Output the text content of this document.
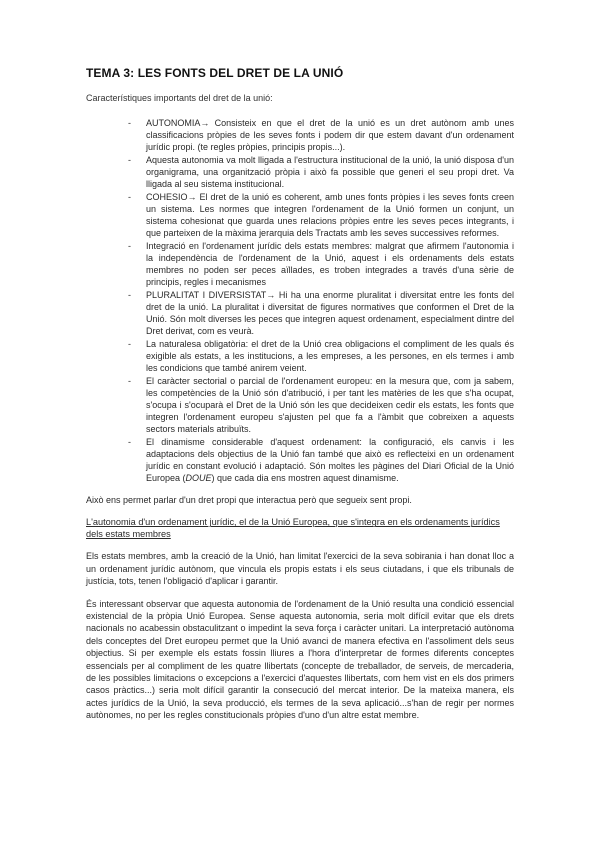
TEMA 3: LES FONTS DEL DRET DE LA UNIÓ

Característiques importants del dret de la unió:

- AUTONOMIA→ Consisteix en que el dret de la unió es un dret autònom amb unes classificacions pròpies de les seves fonts i podem dir que estem davant d'un ordenament jurídic propi. (te regles pròpies, principis propis...).
- Aquesta autonomia va molt lligada a l'estructura institucional de la unió, la unió disposa d'un organigrama, una organització pròpia i això fa possible que generi el seu propi dret. Va lligada al seu sistema institucional.
- COHESIO→ El dret de la unió es coherent, amb unes fonts pròpies i les seves fonts creen un sistema. Les normes que integren l'ordenament de la Unió formen un conjunt, un sistema cohesionat que guarda unes relacions pròpies entre les seves peces integrants, i que parteixen de la màxima jerarquia dels Tractats amb les seves successives reformes.
- Integració en l'ordenament jurídic dels estats membres: malgrat que afirmem l'autonomia i la independència de l'ordenament de la Unió, aquest i els ordenaments dels estats membres no poden ser peces aïllades, es troben integrades a través d'una sèrie de principis, regles i mecanismes
- PLURALITAT I DIVERSISTAT→ Hi ha una enorme pluralitat i diversitat entre les fonts del dret de la unió. La pluralitat i diversitat de figures normatives que conformen el Dret de la Unió. Són molt diverses les peces que integren aquest ordenament, especialment dintre del Dret derivat, com es veurà.
- La naturalesa obligatòria: el dret de la Unió crea obligacions el compliment de les quals és exigible als estats, a les institucions, a les empreses, a les persones, en els termes i amb les condicions que també anirem veient.
- El caràcter sectorial o parcial de l'ordenament europeu: en la mesura que, com ja sabem, les competències de la Unió són d'atribució, i per tant les matèries de les que s'ha ocupat, s'ocupa i s'ocuparà el Dret de la Unió són les que decideixen cedir els estats, les fonts que integren l'ordenament europeu s'ajusten pel que fa a l'àmbit que cobreixen a aquests sectors materials atribuïts.
- El dinamisme considerable d'aquest ordenament: la configuració, els canvis i les adaptacions dels objectius de la Unió fan també que això es reflecteixi en un ordenament jurídic en constant evolució i adaptació. Són moltes les pàgines del Diari Oficial de la Unió Europea (DOUE) que cada dia ens mostren aquest dinamisme.

Això ens permet parlar d'un dret propi que interactua però que segueix sent propi.

L'autonomia d'un ordenament jurídic, el de la Unió Europea, que s'integra en els ordenaments jurídics dels estats membres

Els estats membres, amb la creació de la Unió, han limitat l'exercici de la seva sobirania i han donat lloc a un ordenament jurídic autònom, que vincula els propis estats i els seus ciutadans, i que els tribunals de justícia, tots, tenen l'obligació d'aplicar i garantir.

És interessant observar que aquesta autonomia de l'ordenament de la Unió resulta una condició essencial existencial de la pròpia Unió Europea. Sense aquesta autonomia, seria molt difícil evitar que els drets nacionals no acabessin obstaculitzant o impedint la seva força i caràcter unitari. La interpretació autònoma dels conceptes del Dret europeu permet que la Unió avanci de manera efectiva en l'assoliment dels seus objectius. Si per exemple els estats fossin lliures a l'hora d'interpretar de formes diferents conceptes essencials per al compliment de les quatre llibertats (concepte de treballador, de serveis, de mercaderia, de les possibles limitacions o excepcions a l'exercici d'aquestes llibertats, com hem vist en els dos primers casos pràctics...) seria molt difícil garantir la consecució del mercat interior. De la mateixa manera, els actes jurídics de la Unió, la seva producció, els termes de la seva aplicació...s'han de regir per normes autònomes, no per les regles constitucionals pròpies d'uno d'un altre estat membre.
